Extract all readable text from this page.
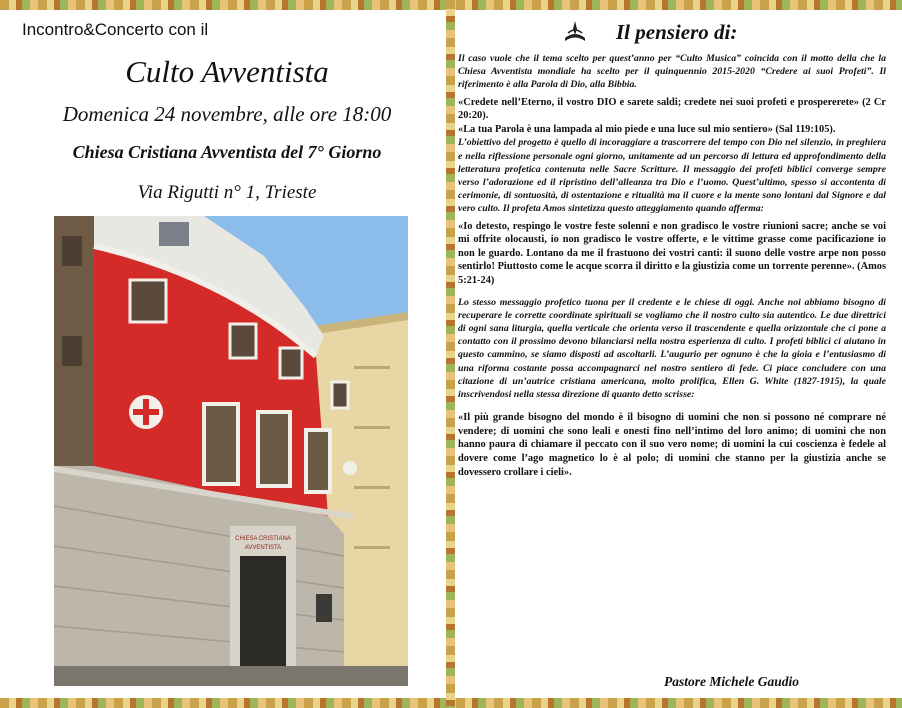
Incontro&Concerto con il
Culto Avventista
Domenica 24 novembre, alle ore 18:00
Chiesa Cristiana Avventista del 7° Giorno
Via Rigutti n° 1, Trieste
CHIESA CRISTIANA
AVVENTISTA
Il pensiero di:

Il caso vuole che il tema scelto per quest’anno per “Culto Musica” coincida con il motto della che la Chiesa Avventista mondiale ha scelto per il quinquennio 2015-2020 “Credere ai suoi Profeti”. Il riferimento è alla Parola di Dio, alla Bibbia.

«Credete nell’Eterno, il vostro DIO e sarete saldi; credete nei suoi profeti e prospererete» (2 Cr 20:20).

«La tua Parola è una lampada al mio piede e una luce sul mio sentiero» (Sal 119:105).

L’obiettivo del progetto è quello di incoraggiare a trascorrere del tempo con Dio nel silenzio, in preghiera e nella riflessione personale ogni giorno, unitamente ad un percorso di lettura ed approfondimento della letteratura profetica contenuta nelle Sacre Scritture. Il messaggio dei profeti biblici converge sempre verso l’adorazione ed il ripristino dell’alleanza tra Dio e l’uomo. Quest’ultimo, spesso si accontenta di cerimonie, di sontuosità, di ostentazione e ritualità ma il cuore e la mente sono lontani dal Signore e dal vero culto. Il profeta Amos sintetizza questo atteggiamento quando afferma:

«Io detesto, respingo le vostre feste solenni e non gradisco le vostre riunioni sacre; anche se voi mi offrite olocausti, io non gradisco le vostre offerte, e le vittime grasse come pacificazione io non le guardo. Lontano da me il frastuono dei vostri canti: il suono delle vostre arpe non posso sentirlo! Piuttosto come le acque scorra il diritto e la giustizia come un torrente perenne». (Amos 5:21-24)

Lo stesso messaggio profetico tuona per il credente e le chiese di oggi. Anche noi abbiamo bisogno di recuperare le corrette coordinate spirituali se vogliamo che il nostro culto sia autentico. Le due direttrici di ogni sana liturgia, quella verticale che orienta verso il trascendente e quella orizzontale che ci pone a contatto con il prossimo devono bilanciarsi nella nostra esperienza di culto. I profeti biblici ci aiutano in questo cammino, se siamo disposti ad ascoltarli. L’augurio per ognuno è che la gioia e l’entusiasmo di una riforma costante possa accompagnarci nel nostro sentiero di fede. Ci piace concludere con una citazione di un’autrice cristiana americana, molto prolifica, Ellen G. White (1827-1915), la quale inscrivendosi nella stessa direzione di quanto detto scrisse:

«Il più grande bisogno del mondo è il bisogno di uomini che non si possono né comprare né vendere; di uomini che sono leali e onesti fino nell’intimo del loro animo; di uomini che non hanno paura di chiamare il peccato con il suo vero nome; di uomini la cui coscienza è fedele al dovere come l’ago magnetico lo è al polo; di uomini che stanno per la giustizia anche se dovessero crollare i cieli».

Pastore Michele Gaudio
